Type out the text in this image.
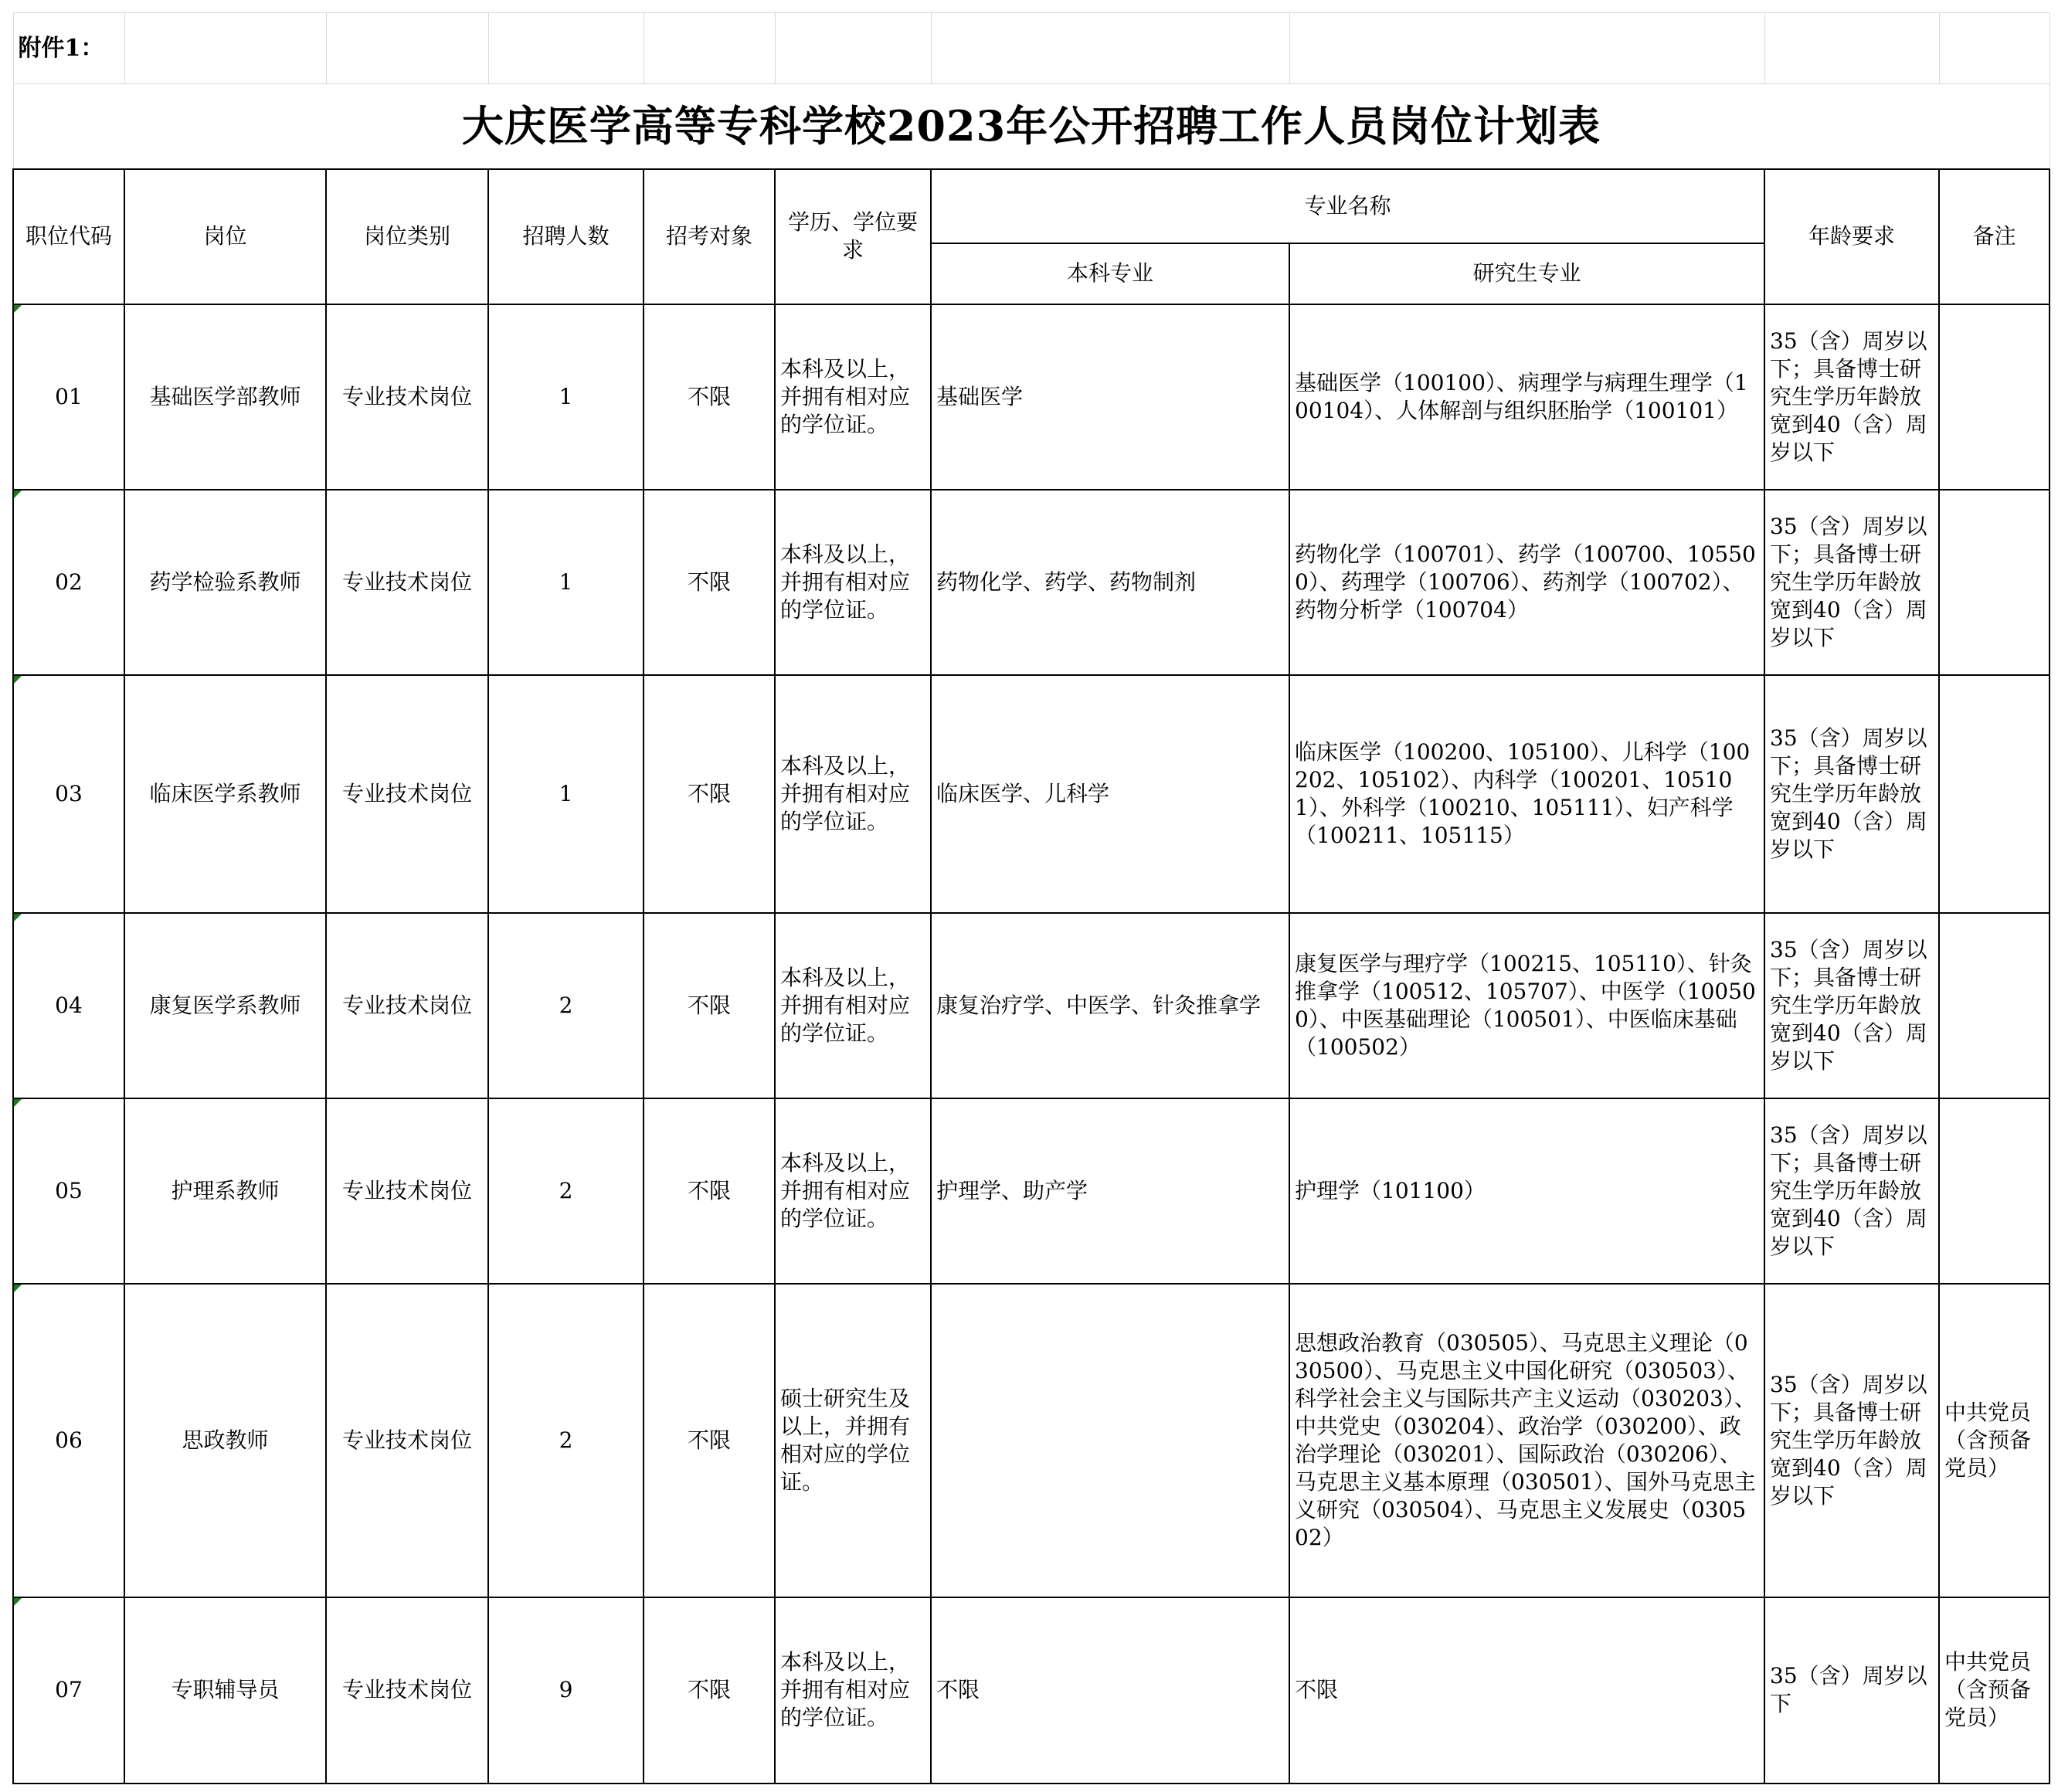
附件1：									
大庆医学高等专科学校2023年公开招聘工作人员岗位计划表									
职位代码	岗位	岗位类别	招聘人数	招考对象	学历、学位要求	专业名称		年龄要求	备注
						本科专业	研究生专业		

01	基础医学部教师	专业技术岗位	1	不限	本科及以上，并拥有相对应的学位证。	基础医学	基础医学（100100）、病理学与病理生理学（100104）、人体解剖与组织胚胎学（100101）	35（含）周岁以下；具备博士研究生学历年龄放宽到40（含）周岁以下	

02	药学检验系教师	专业技术岗位	1	不限	本科及以上，并拥有相对应的学位证。	药物化学、药学、药物制剂	药物化学（100701）、药学（100700、105500）、药理学（100706）、药剂学（100702）、药物分析学（100704）	35（含）周岁以下；具备博士研究生学历年龄放宽到40（含）周岁以下	

03	临床医学系教师	专业技术岗位	1	不限	本科及以上，并拥有相对应的学位证。	临床医学、儿科学	临床医学（100200、105100）、儿科学（100202、105102）、内科学（100201、105101）、外科学（100210、105111）、妇产科学（100211、105115）	35（含）周岁以下；具备博士研究生学历年龄放宽到40（含）周岁以下	

04	康复医学系教师	专业技术岗位	2	不限	本科及以上，并拥有相对应的学位证。	康复治疗学、中医学、针灸推拿学	康复医学与理疗学（100215、105110）、针灸推拿学（100512、105707）、中医学（100500）、中医基础理论（100501）、中医临床基础（100502）	35（含）周岁以下；具备博士研究生学历年龄放宽到40（含）周岁以下	

05	护理系教师	专业技术岗位	2	不限	本科及以上，并拥有相对应的学位证。	护理学、助产学	护理学（101100）	35（含）周岁以下；具备博士研究生学历年龄放宽到40（含）周岁以下	

06	思政教师	专业技术岗位	2	不限	硕士研究生及以上，并拥有相对应的学位证。		思想政治教育（030505）、马克思主义理论（030500）、马克思主义中国化研究（030503）、科学社会主义与国际共产主义运动（030203）、中共党史（030204）、政治学（030200）、政治学理论（030201）、国际政治（030206）、马克思主义基本原理（030501）、国外马克思主义研究（030504）、马克思主义发展史（030502）	35（含）周岁以下；具备博士研究生学历年龄放宽到40（含）周岁以下	中共党员（含预备党员）

07	专职辅导员	专业技术岗位	9	不限	本科及以上，并拥有相对应的学位证。	不限	不限	35（含）周岁以下	中共党员（含预备党员）
